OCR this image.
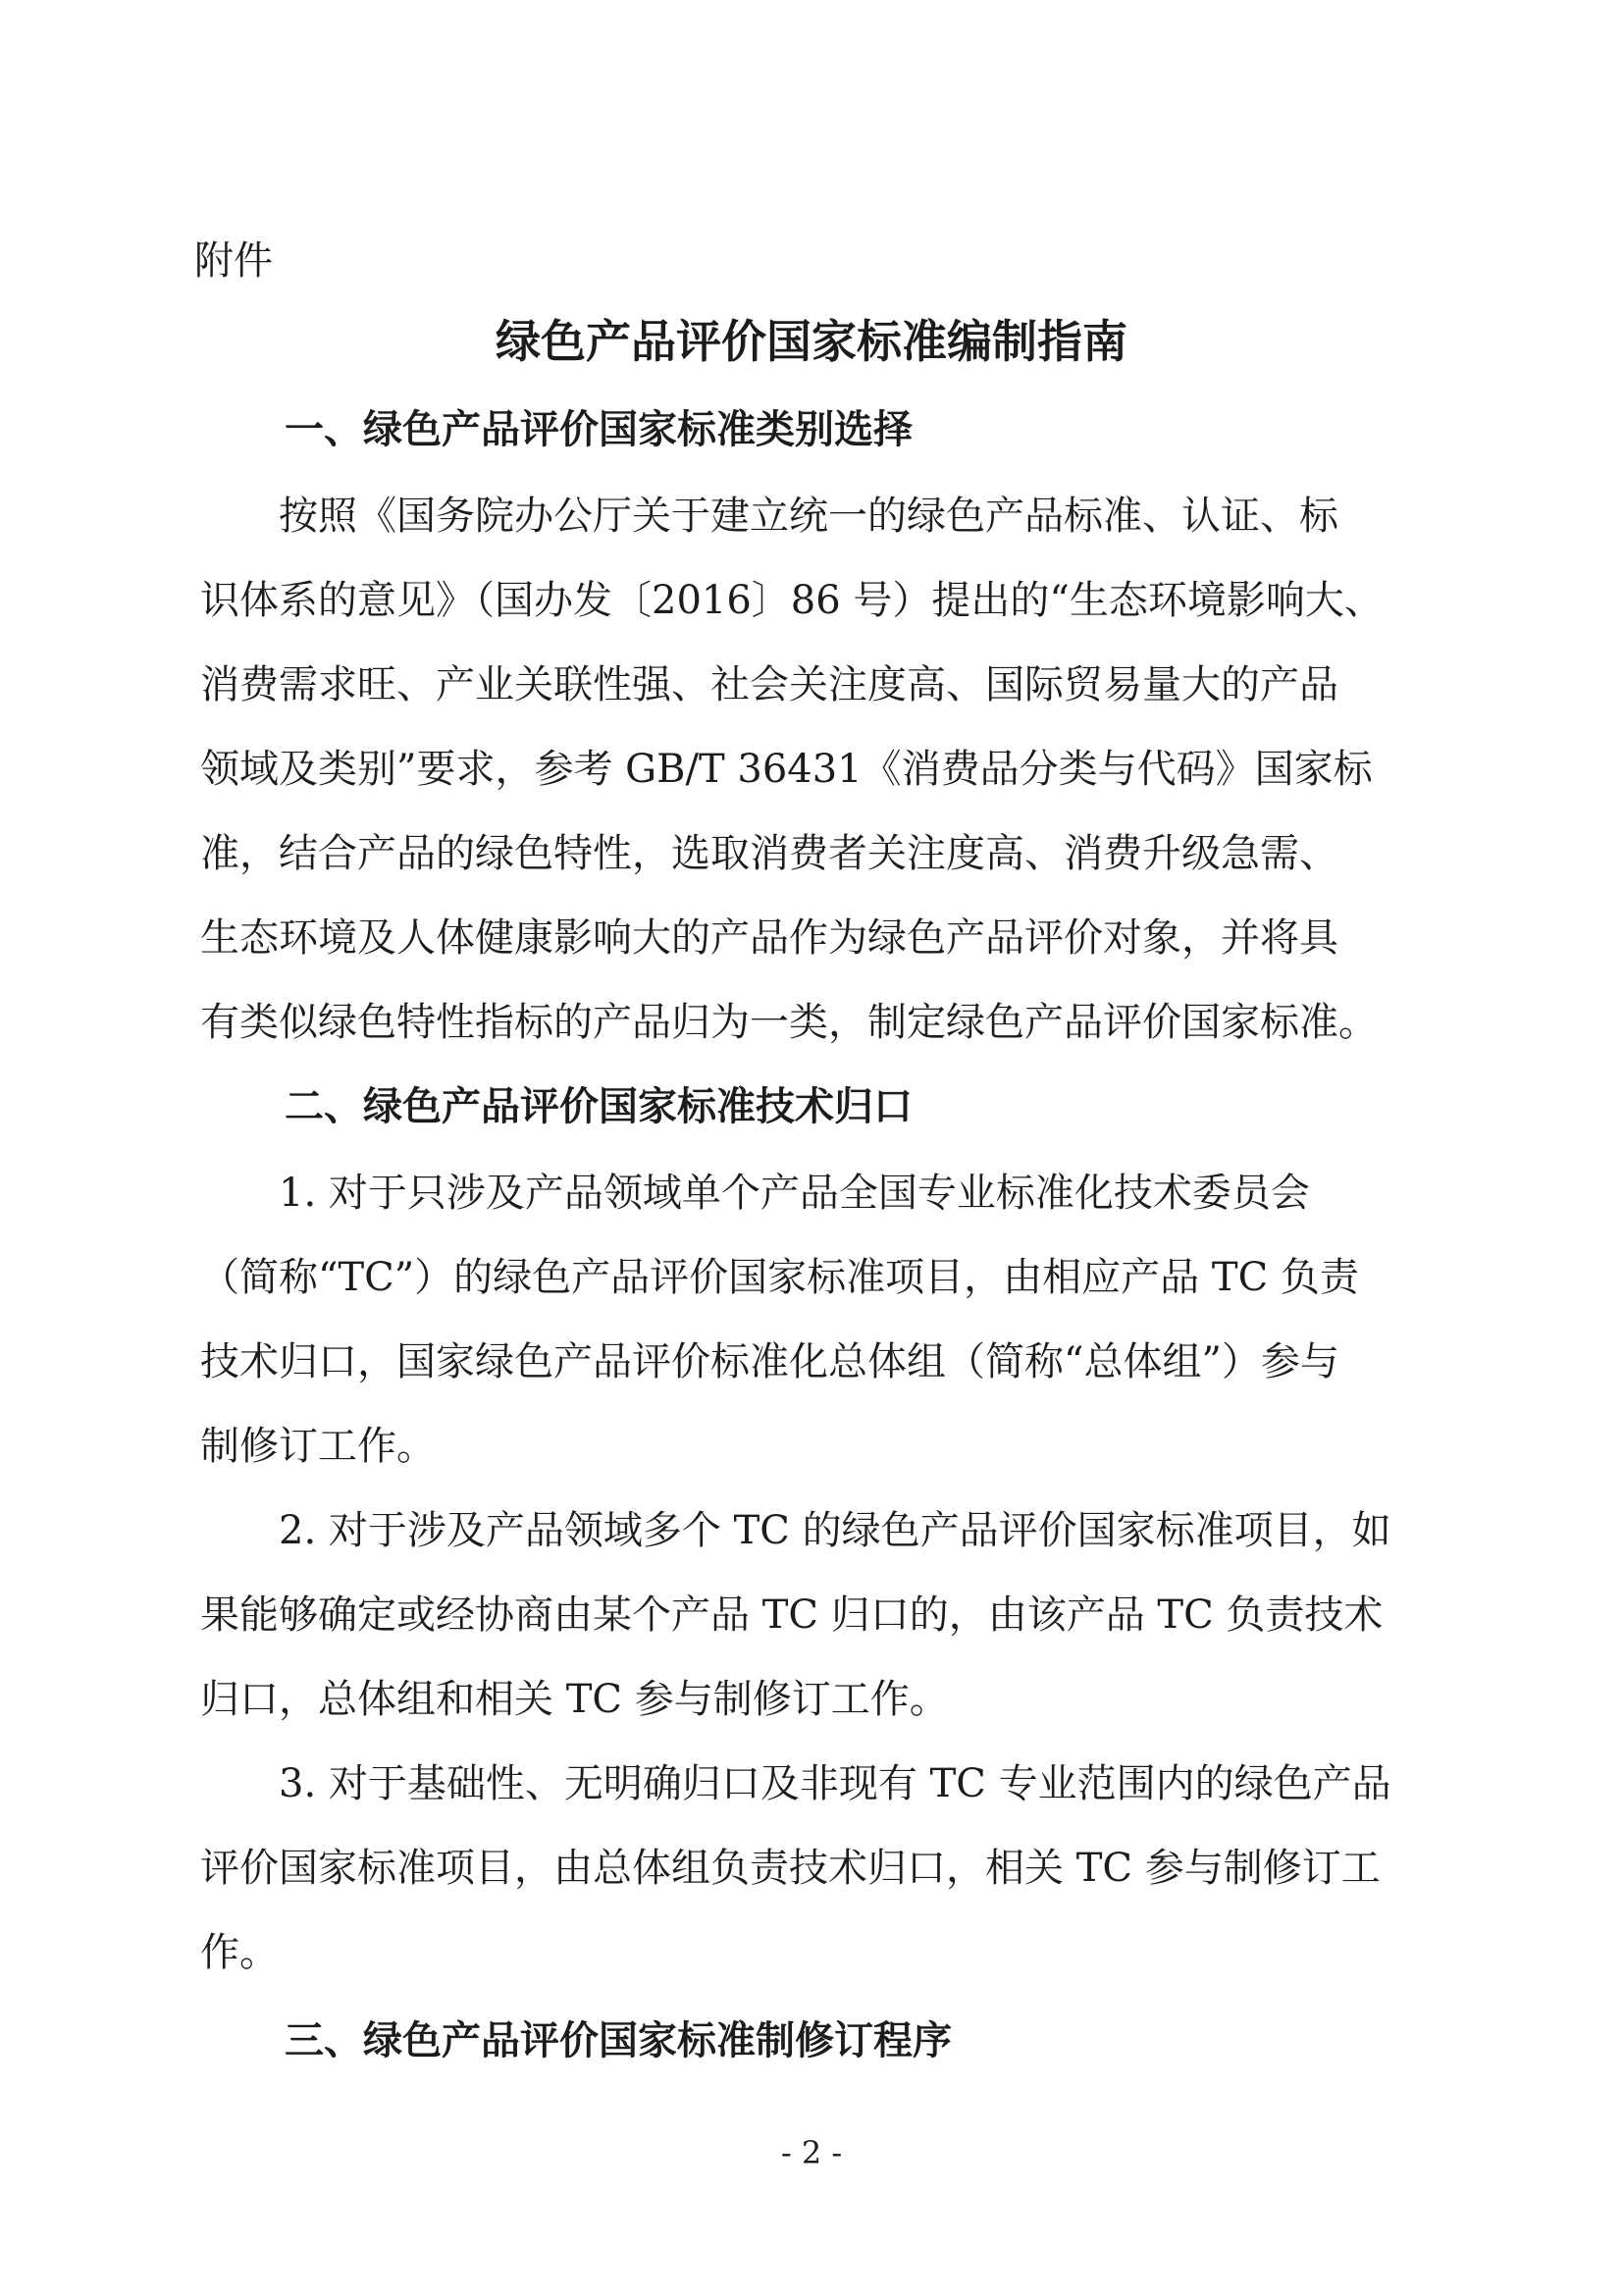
附件
绿色产品评价国家标准编制指南
一、绿色产品评价国家标准类别选择
按照《国务院办公厅关于建立统一的绿色产品标准、认证、标
识体系的意见》（国办发〔2016〕86 号）提出的“生态环境影响大、
消费需求旺、产业关联性强、社会关注度高、国际贸易量大的产品
领域及类别”要求，参考 GB/T 36431《消费品分类与代码》国家标
准，结合产品的绿色特性，选取消费者关注度高、消费升级急需、
生态环境及人体健康影响大的产品作为绿色产品评价对象，并将具
有类似绿色特性指标的产品归为一类，制定绿色产品评价国家标准。
二、绿色产品评价国家标准技术归口
1. 对于只涉及产品领域单个产品全国专业标准化技术委员会
（简称“TC”）的绿色产品评价国家标准项目，由相应产品 TC 负责
技术归口，国家绿色产品评价标准化总体组（简称“总体组”）参与
制修订工作。
2. 对于涉及产品领域多个 TC 的绿色产品评价国家标准项目，如
果能够确定或经协商由某个产品 TC 归口的，由该产品 TC 负责技术
归口，总体组和相关 TC 参与制修订工作。
3. 对于基础性、无明确归口及非现有 TC 专业范围内的绿色产品
评价国家标准项目，由总体组负责技术归口，相关 TC 参与制修订工
作。
三、绿色产品评价国家标准制修订程序
- 2 -
